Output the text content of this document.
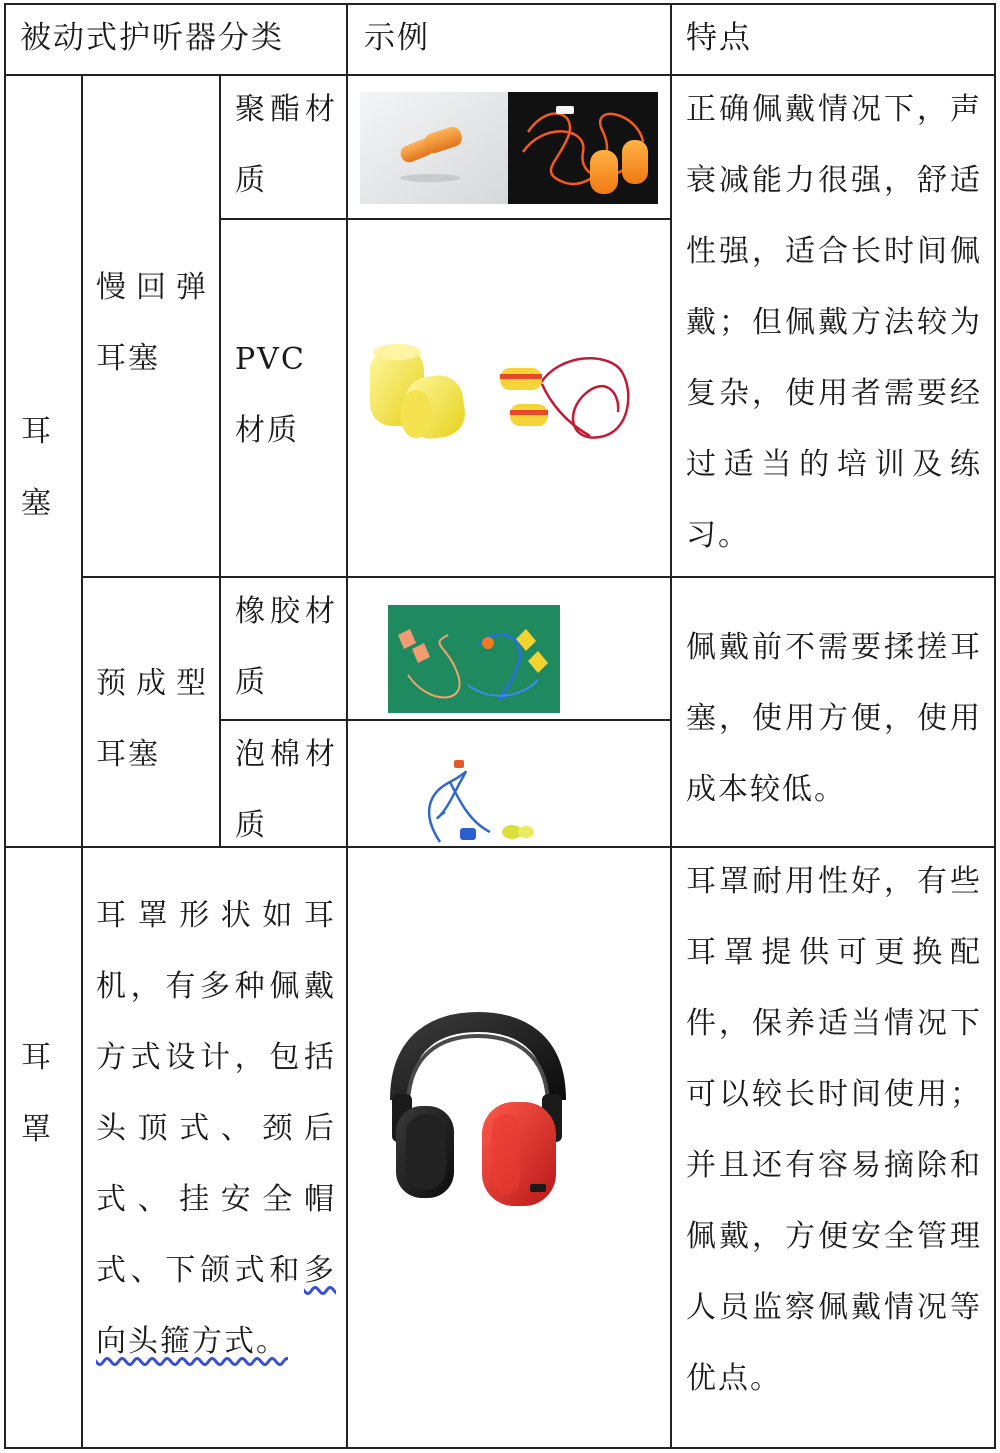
被动式护听器分类	示例	特点
耳塞
慢回弹耳塞
聚酯材质
PVC 材质
正确佩戴情况下，声衰减能力很强，舒适性强，适合长时间佩戴；但佩戴方法较为复杂，使用者需要经过适当的培训及练习。
预成型耳塞
橡胶材质
泡棉材质
佩戴前不需要揉搓耳塞，使用方便，使用成本较低。
耳罩

耳罩形状如耳机，有多种佩戴方式设计，包括头顶式、颈后式、挂安全帽式、下颌式和多向头箍方式。

耳罩耐用性好，有些耳罩提供可更换配件，保养适当情况下可以较长时间使用；并且还有容易摘除和佩戴，方便安全管理人员监察佩戴情况等优点。
